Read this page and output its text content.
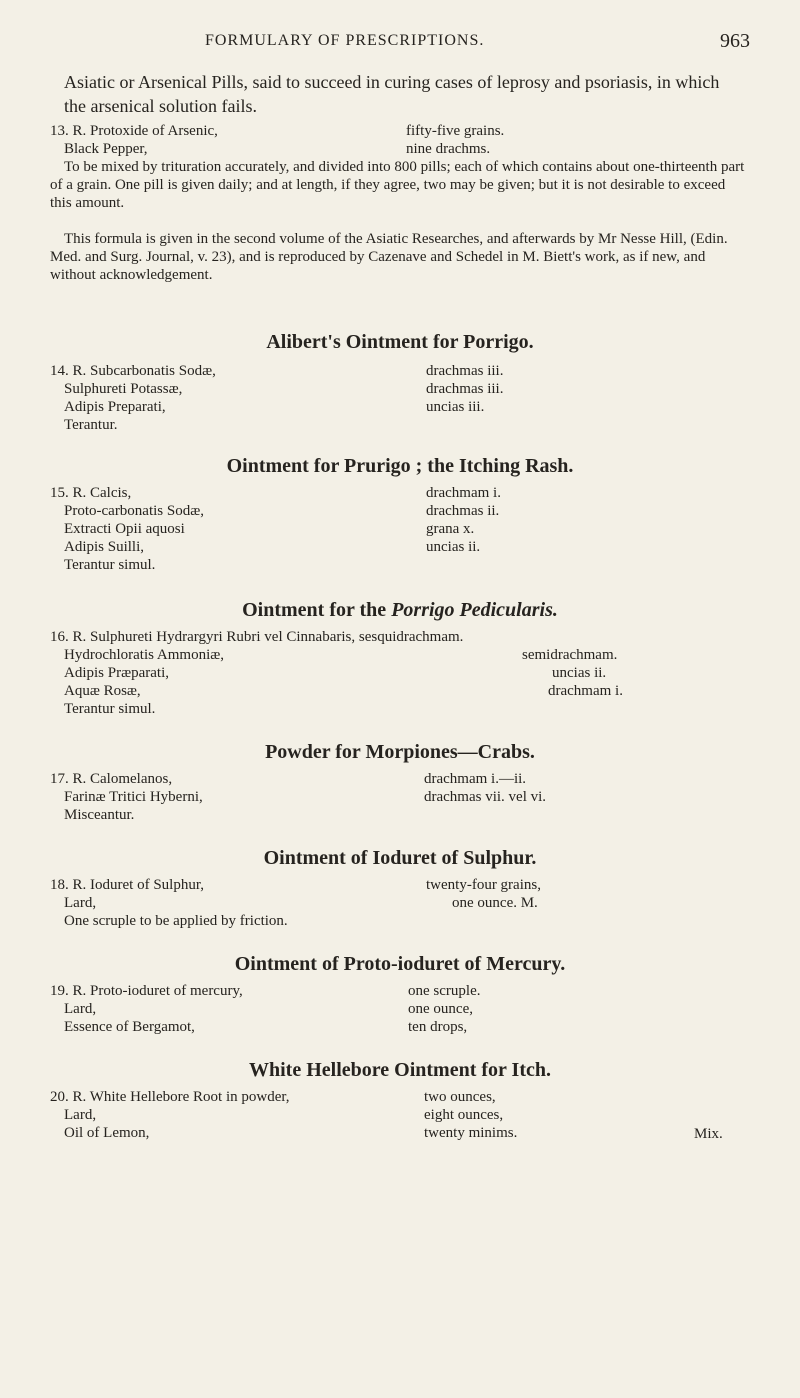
FORMULARY OF PRESCRIPTIONS.	963

Asiatic or Arsenical Pills, said to succeed in curing cases of leprosy and psoriasis, in which the arsenical solution fails.

13. R. Protoxide of Arsenic,	fifty-five grains.
Black Pepper,	nine drachms.

To be mixed by trituration accurately, and divided into 800 pills; each of which contains about one-thirteenth part of a grain. One pill is given daily; and at length, if they agree, two may be given; but it is not desirable to exceed this amount.

This formula is given in the second volume of the Asiatic Researches, and afterwards by Mr Nesse Hill, (Edin. Med. and Surg. Journal, v. 23), and is reproduced by Cazenave and Schedel in M. Biett's work, as if new, and without acknowledgement.

Alibert's Ointment for Porrigo.
14. R. Subcarbonatis Sodæ,	drachmas iii.
Sulphureti Potassæ,	drachmas iii.
Adipis Preparati,	uncias iii.
Terantur.
Ointment for Prurigo ; the Itching Rash.
15. R. Calcis,	drachmam i.
Proto-carbonatis Sodæ,	drachmas ii.
Extracti Opii aquosi	grana x.
Adipis Suilli,	uncias ii.
Terantur simul.
Ointment for the Porrigo Pedicularis.
16. R. Sulphureti Hydrargyri Rubri vel Cinnabaris, sesquidrachmam.
Hydrochloratis Ammoniæ,	semidrachmam.
Adipis Præparati,	uncias ii.
Aquæ Rosæ,	drachmam i.
Terantur simul.
Powder for Morpiones—Crabs.
17. R. Calomelanos,	drachmam i.—ii.
Farinæ Tritici Hyberni,	drachmas vii. vel vi.
Misceantur.
Ointment of Ioduret of Sulphur.
18. R. Ioduret of Sulphur,	twenty-four grains,
Lard,	one ounce. M.
One scruple to be applied by friction.
Ointment of Proto-ioduret of Mercury.
19. R. Proto-ioduret of mercury,	one scruple.
Lard,	one ounce,
Essence of Bergamot,	ten drops,
White Hellebore Ointment for Itch.
20. R. White Hellebore Root in powder,	two ounces,
Lard,	eight ounces,
Oil of Lemon,	twenty minims.	Mix.
